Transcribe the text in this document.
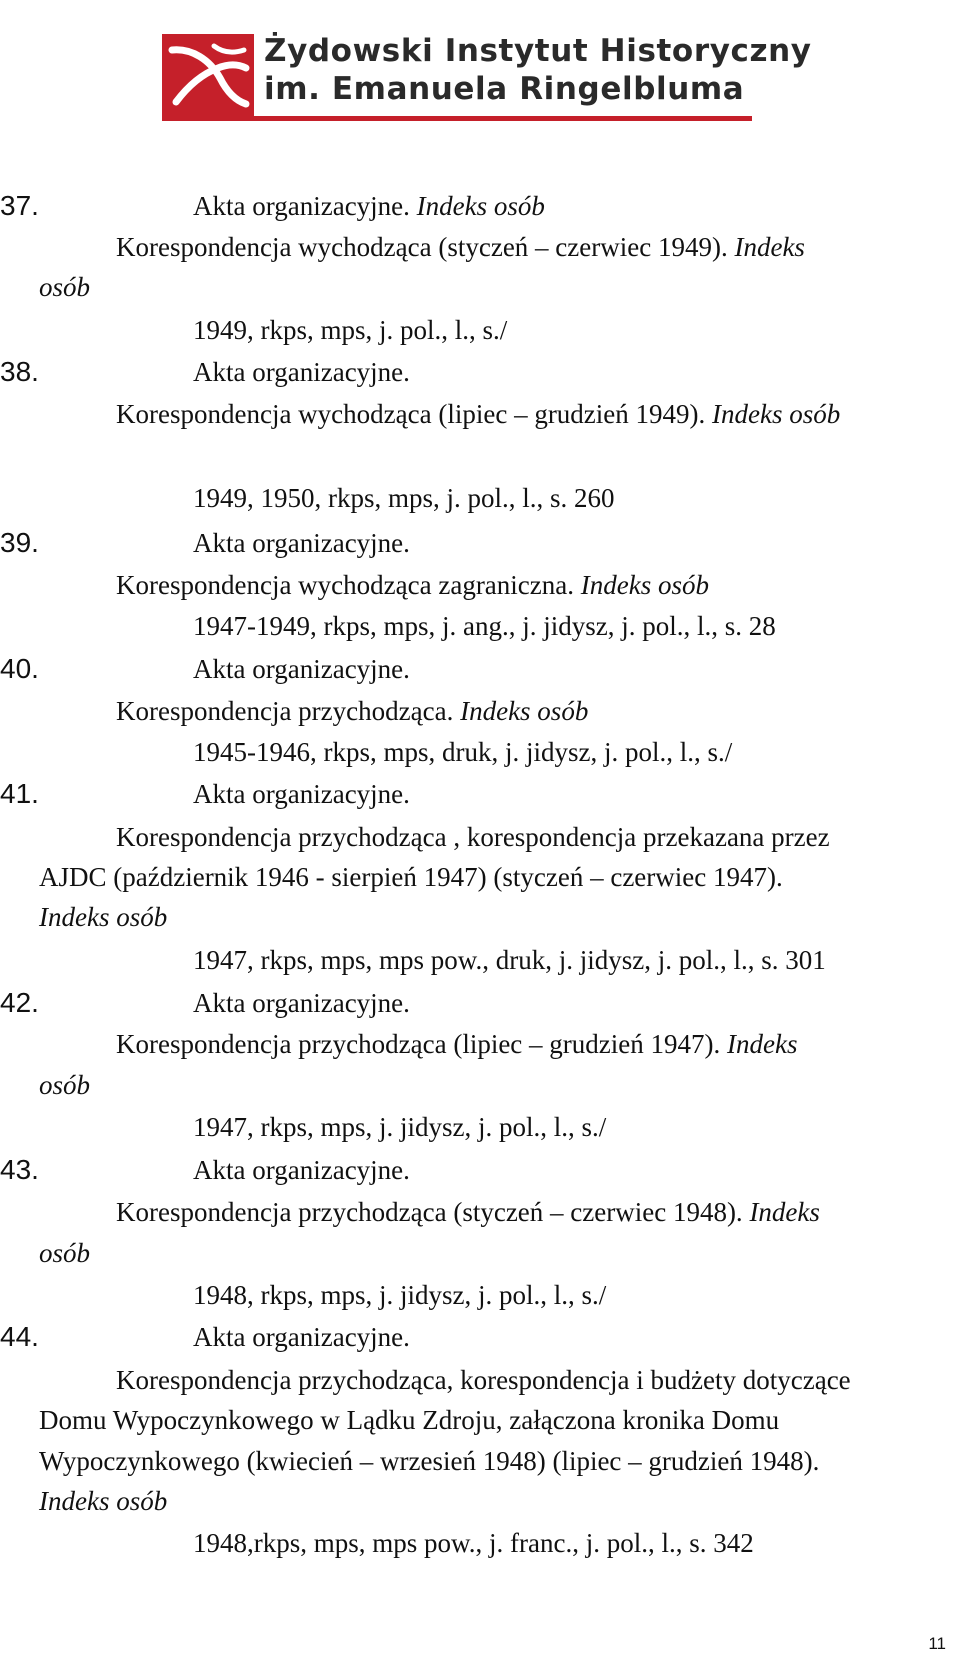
Żydowski Instytut Historyczny
im. Emanuela Ringelbluma
37.	Akta organizacyjne. Indeks osób
Korespondencja wychodząca (styczeń – czerwiec 1949). Indeks
osób
1949, rkps, mps, j. pol., l., s./
38.	Akta organizacyjne.
Korespondencja wychodząca (lipiec – grudzień 1949). Indeks osób
1949, 1950, rkps, mps, j. pol., l., s. 260
39.	Akta organizacyjne.
Korespondencja wychodząca zagraniczna. Indeks osób
1947-1949, rkps, mps, j. ang., j. jidysz, j. pol., l., s. 28
40.	Akta organizacyjne.
Korespondencja przychodząca. Indeks osób
1945-1946, rkps, mps, druk, j. jidysz, j. pol., l., s./
41.	Akta organizacyjne.
Korespondencja przychodząca , korespondencja przekazana przez
AJDC (październik 1946 - sierpień 1947) (styczeń – czerwiec 1947).
Indeks osób
1947, rkps, mps, mps pow., druk, j. jidysz, j. pol., l., s. 301
42.	Akta organizacyjne.
Korespondencja przychodząca (lipiec – grudzień 1947). Indeks
osób
1947, rkps, mps, j. jidysz, j. pol., l., s./
43.	Akta organizacyjne.
Korespondencja przychodząca (styczeń – czerwiec 1948). Indeks
osób
1948, rkps, mps, j. jidysz, j. pol., l., s./
44.	Akta organizacyjne.
Korespondencja przychodząca, korespondencja i budżety dotyczące
Domu Wypoczynkowego w Lądku Zdroju, załączona kronika Domu
Wypoczynkowego (kwiecień – wrzesień 1948) (lipiec – grudzień 1948).
Indeks osób
1948,rkps, mps, mps pow., j. franc., j. pol., l., s. 342
11
